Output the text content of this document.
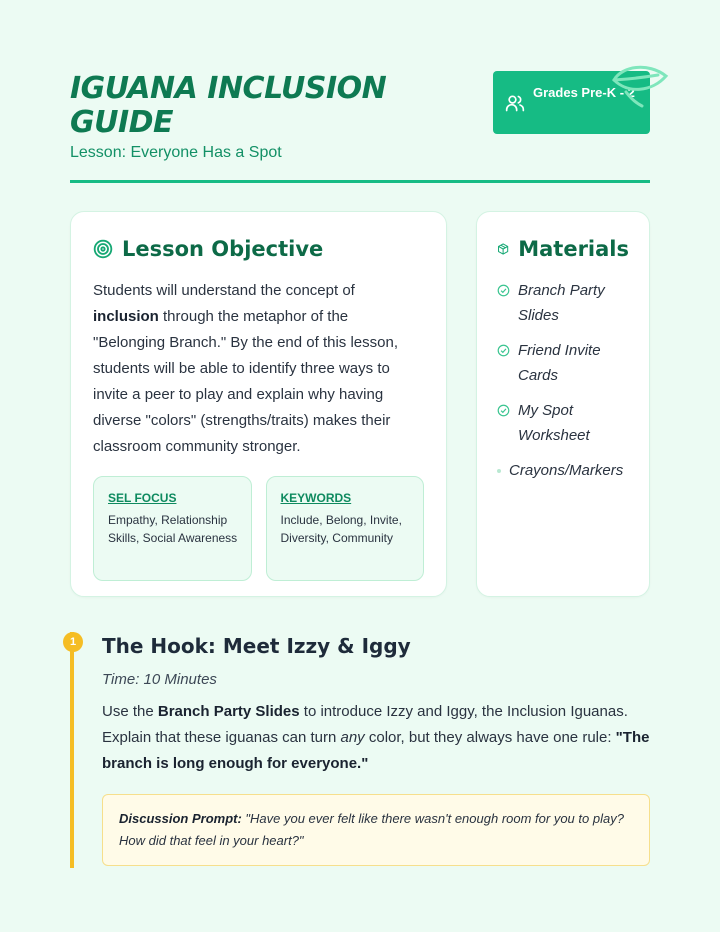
IGUANA INCLUSION GUIDE
Lesson: Everyone Has a Spot
Grades Pre-K - 2
Lesson Objective

Students will understand the concept of inclusion through the metaphor of the "Belonging Branch." By the end of this lesson, students will be able to identify three ways to invite a peer to play and explain why having diverse "colors" (strengths/traits) makes their classroom community stronger.

SEL FOCUS
Empathy, Relationship Skills, Social Awareness
KEYWORDS
Include, Belong, Invite, Diversity, Community
Materials
Branch Party Slides
Friend Invite Cards
My Spot Worksheet
Crayons/Markers
1	The Hook: Meet Izzy & Iggy
Time: 10 Minutes

Use the Branch Party Slides to introduce Izzy and Iggy, the Inclusion Iguanas. Explain that these iguanas can turn any color, but they always have one rule: "The branch is long enough for everyone."

Discussion Prompt: "Have you ever felt like there wasn't enough room for you to play? How did that feel in your heart?"
